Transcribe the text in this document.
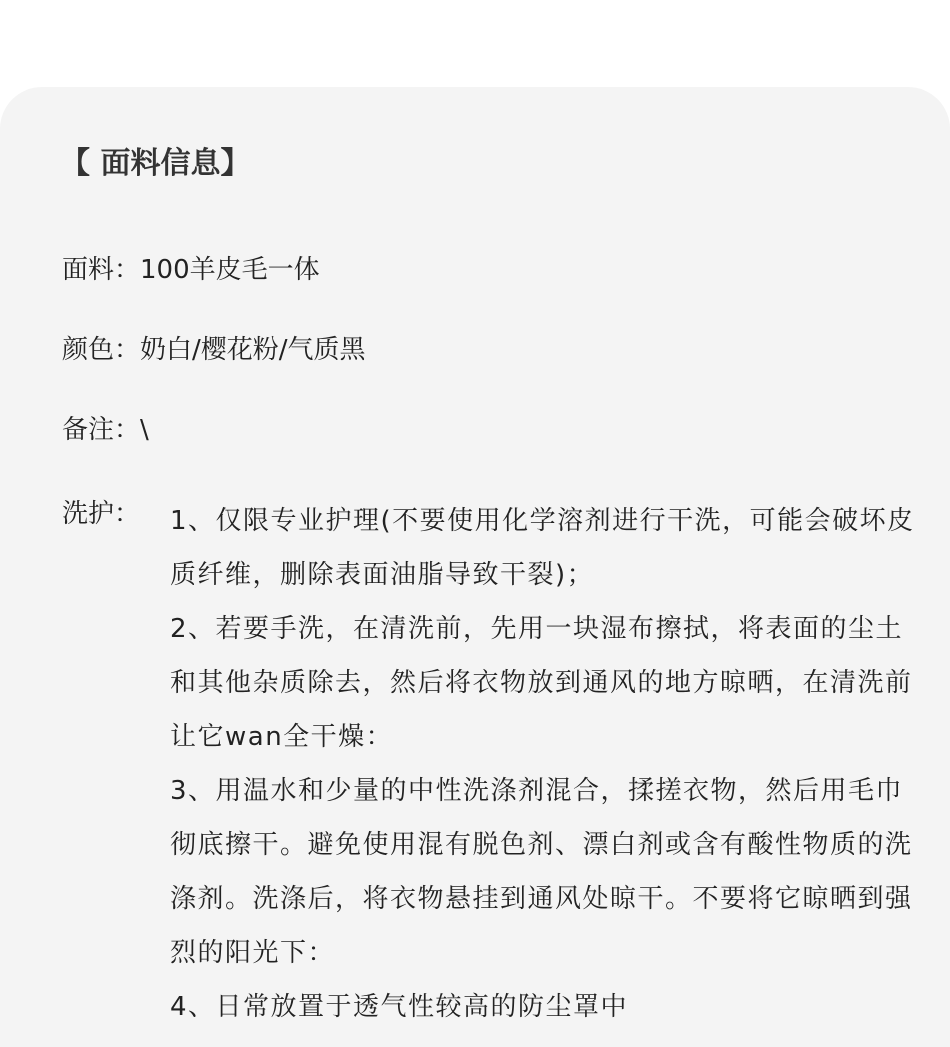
【 面料信息】
面料：100羊皮毛一体
颜色：奶白/樱花粉/气质黑
备注：\
洗护： 1、仅限专业护理(不要使用化学溶剂进行干洗，可能会破坏皮质纤维，删除表面油脂导致干裂)；

2、若要手洗，在清洗前，先用一块湿布擦拭，将表面的尘土和其他杂质除去，然后将衣物放到通风的地方晾晒，在清洗前让它wan全干燥：

3、用温水和少量的中性洗涤剂混合，揉搓衣物，然后用毛巾彻底擦干。避免使用混有脱色剂、漂白剂或含有酸性物质的洗涤剂。洗涤后，将衣物悬挂到通风处晾干。不要将它晾晒到强烈的阳光下：

4、日常放置于透气性较高的防尘罩中
